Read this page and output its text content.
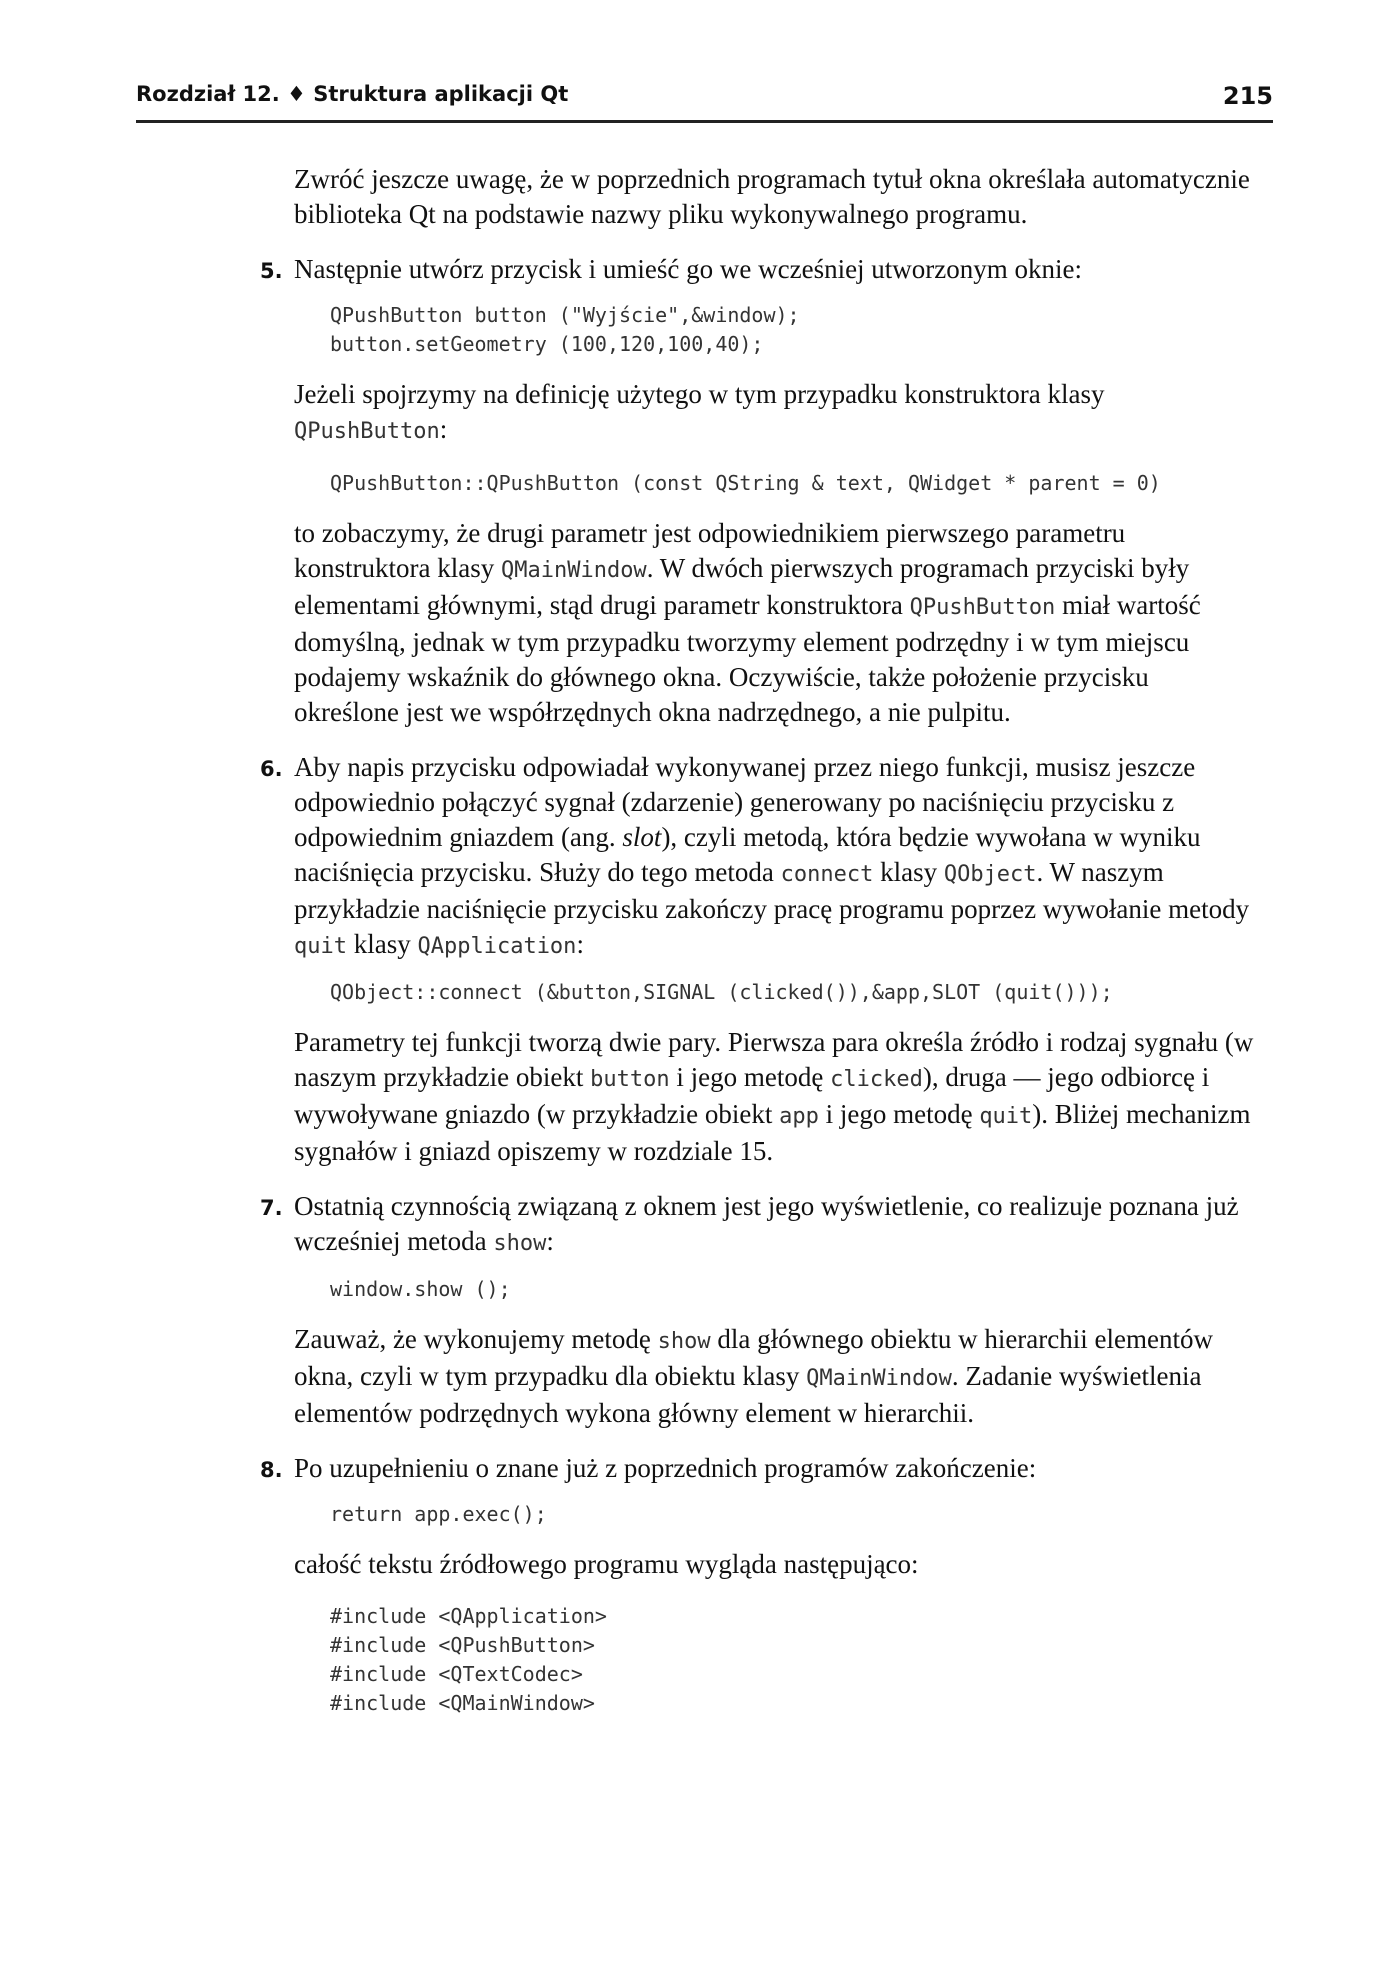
Rozdział 12. ♦ Struktura aplikacji Qt	215

Zwróć jeszcze uwagę, że w poprzednich programach tytuł okna określała automatycznie biblioteka Qt na podstawie nazwy pliku wykonywalnego programu.

5. Następnie utwórz przycisk i umieść go we wcześniej utworzonym oknie:

QPushButton button ("Wyjście",&window);
button.setGeometry (100,120,100,40);

Jeżeli spojrzymy na definicję użytego w tym przypadku konstruktora klasy QPushButton:

QPushButton::QPushButton (const QString & text, QWidget * parent = 0)

to zobaczymy, że drugi parametr jest odpowiednikiem pierwszego parametru konstruktora klasy QMainWindow. W dwóch pierwszych programach przyciski były elementami głównymi, stąd drugi parametr konstruktora QPushButton miał wartość domyślną, jednak w tym przypadku tworzymy element podrzędny i w tym miejscu podajemy wskaźnik do głównego okna. Oczywiście, także położenie przycisku określone jest we współrzędnych okna nadrzędnego, a nie pulpitu.

6. Aby napis przycisku odpowiadał wykonywanej przez niego funkcji, musisz jeszcze odpowiednio połączyć sygnał (zdarzenie) generowany po naciśnięciu przycisku z odpowiednim gniazdem (ang. slot), czyli metodą, która będzie wywołana w wyniku naciśnięcia przycisku. Służy do tego metoda connect klasy QObject. W naszym przykładzie naciśnięcie przycisku zakończy pracę programu poprzez wywołanie metody quit klasy QApplication:

QObject::connect (&button,SIGNAL (clicked()),&app,SLOT (quit()));

Parametry tej funkcji tworzą dwie pary. Pierwsza para określa źródło i rodzaj sygnału (w naszym przykładzie obiekt button i jego metodę clicked), druga — jego odbiorcę i wywoływane gniazdo (w przykładzie obiekt app i jego metodę quit). Bliżej mechanizm sygnałów i gniazd opiszemy w rozdziale 15.

7. Ostatnią czynnością związaną z oknem jest jego wyświetlenie, co realizuje poznana już wcześniej metoda show:

window.show ();

Zauważ, że wykonujemy metodę show dla głównego obiektu w hierarchii elementów okna, czyli w tym przypadku dla obiektu klasy QMainWindow. Zadanie wyświetlenia elementów podrzędnych wykona główny element w hierarchii.

8. Po uzupełnieniu o znane już z poprzednich programów zakończenie:

return app.exec();

całość tekstu źródłowego programu wygląda następująco:

#include <QApplication>
#include <QPushButton>
#include <QTextCodec>
#include <QMainWindow>
